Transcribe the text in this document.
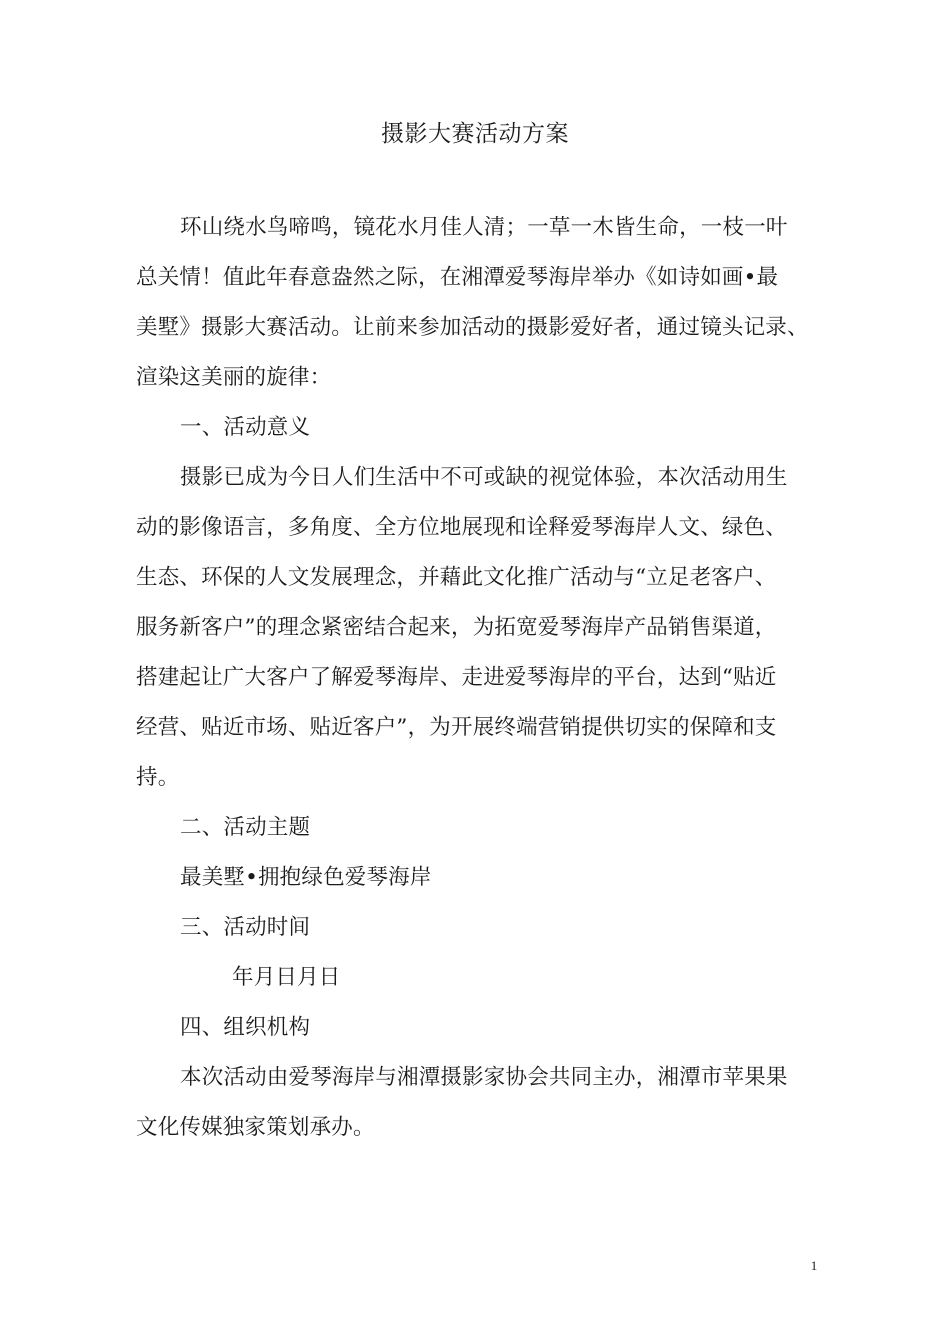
摄影大赛活动方案
环山绕水鸟啼鸣，镜花水月佳人清；一草一木皆生命，一枝一叶
总关情！值此年春意盎然之际，在湘潭爱琴海岸举办《如诗如画•最
美墅》摄影大赛活动。让前来参加活动的摄影爱好者，通过镜头记录、
渲染这美丽的旋律：
一、活动意义
摄影已成为今日人们生活中不可或缺的视觉体验，本次活动用生
动的影像语言，多角度、全方位地展现和诠释爱琴海岸人文、绿色、
生态、环保的人文发展理念，并藉此文化推广活动与“立足老客户、
服务新客户”的理念紧密结合起来，为拓宽爱琴海岸产品销售渠道，
搭建起让广大客户了解爱琴海岸、走进爱琴海岸的平台，达到“贴近
经营、贴近市场、贴近客户”，为开展终端营销提供切实的保障和支
持。
二、活动主题
最美墅•拥抱绿色爱琴海岸
三、活动时间
年月日月日
四、组织机构
本次活动由爱琴海岸与湘潭摄影家协会共同主办，湘潭市苹果果
文化传媒独家策划承办。
1
